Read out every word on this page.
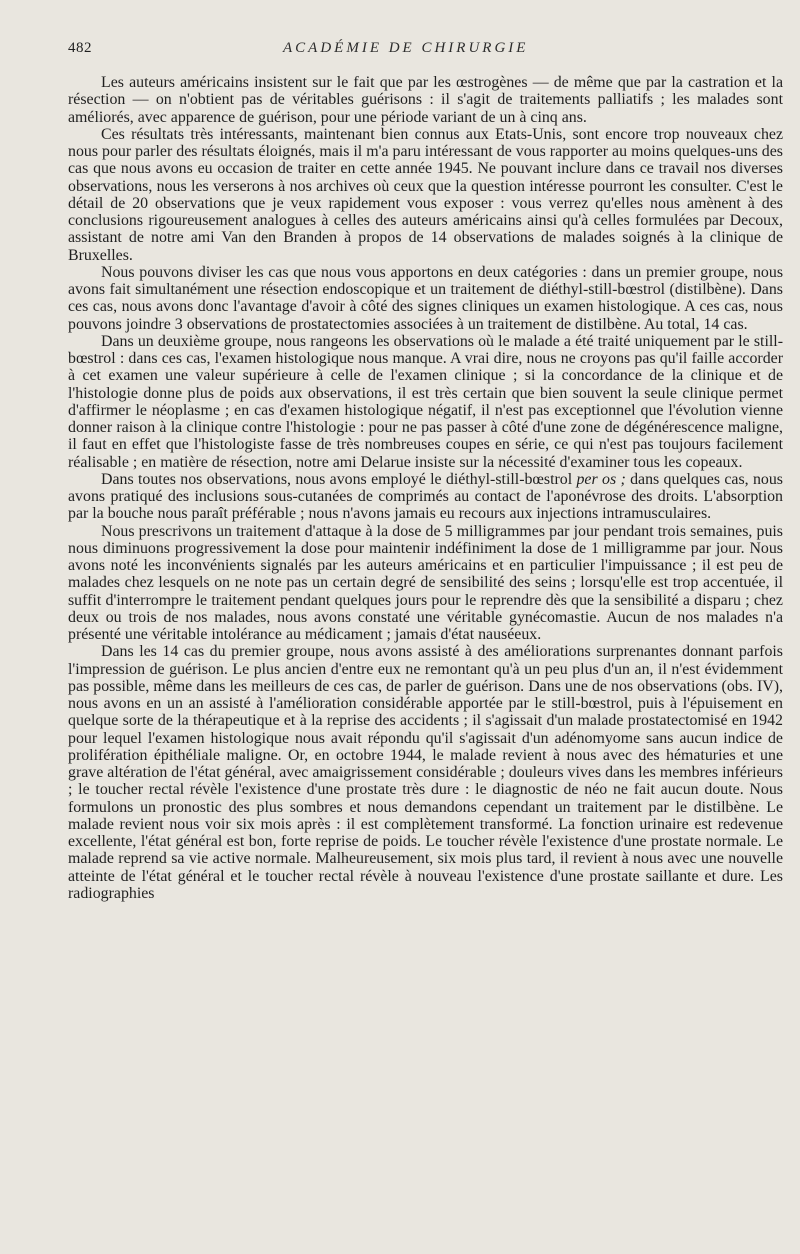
482	ACADÉMIE DE CHIRURGIE

Les auteurs américains insistent sur le fait que par les œstrogènes — de même que par la castration et la résection — on n'obtient pas de véritables guérisons : il s'agit de traitements palliatifs ; les malades sont améliorés, avec apparence de guérison, pour une période variant de un à cinq ans.

Ces résultats très intéressants, maintenant bien connus aux Etats-Unis, sont encore trop nouveaux chez nous pour parler des résultats éloignés, mais il m'a paru intéressant de vous rapporter au moins quelques-uns des cas que nous avons eu occasion de traiter en cette année 1945. Ne pouvant inclure dans ce travail nos diverses observations, nous les verserons à nos archives où ceux que la question intéresse pourront les consulter. C'est le détail de 20 observations que je veux rapidement vous exposer : vous verrez qu'elles nous amènent à des conclusions rigoureusement analogues à celles des auteurs américains ainsi qu'à celles formulées par Decoux, assistant de notre ami Van den Branden à propos de 14 observations de malades soignés à la clinique de Bruxelles.

Nous pouvons diviser les cas que nous vous apportons en deux catégories : dans un premier groupe, nous avons fait simultanément une résection endoscopique et un traitement de diéthyl-still-bœstrol (distilbène). Dans ces cas, nous avons donc l'avantage d'avoir à côté des signes cliniques un examen histologique. A ces cas, nous pouvons joindre 3 observations de prostatectomies associées à un traitement de distilbène. Au total, 14 cas.

Dans un deuxième groupe, nous rangeons les observations où le malade a été traité uniquement par le still-bœstrol : dans ces cas, l'examen histologique nous manque. A vrai dire, nous ne croyons pas qu'il faille accorder à cet examen une valeur supérieure à celle de l'examen clinique ; si la concordance de la clinique et de l'histologie donne plus de poids aux observations, il est très certain que bien souvent la seule clinique permet d'affirmer le néoplasme ; en cas d'examen histologique négatif, il n'est pas exceptionnel que l'évolution vienne donner raison à la clinique contre l'histologie : pour ne pas passer à côté d'une zone de dégénérescence maligne, il faut en effet que l'histologiste fasse de très nombreuses coupes en série, ce qui n'est pas toujours facilement réalisable ; en matière de résection, notre ami Delarue insiste sur la nécessité d'examiner tous les copeaux.

Dans toutes nos observations, nous avons employé le diéthyl-still-bœstrol per os ; dans quelques cas, nous avons pratiqué des inclusions sous-cutanées de comprimés au contact de l'aponévrose des droits. L'absorption par la bouche nous paraît préférable ; nous n'avons jamais eu recours aux injections intramusculaires.

Nous prescrivons un traitement d'attaque à la dose de 5 milligrammes par jour pendant trois semaines, puis nous diminuons progressivement la dose pour maintenir indéfiniment la dose de 1 milligramme par jour. Nous avons noté les inconvénients signalés par les auteurs américains et en particulier l'impuissance ; il est peu de malades chez lesquels on ne note pas un certain degré de sensibilité des seins ; lorsqu'elle est trop accentuée, il suffit d'interrompre le traitement pendant quelques jours pour le reprendre dès que la sensibilité a disparu ; chez deux ou trois de nos malades, nous avons constaté une véritable gynécomastie. Aucun de nos malades n'a présenté une véritable intolérance au médicament ; jamais d'état nauséeux.

Dans les 14 cas du premier groupe, nous avons assisté à des améliorations surprenantes donnant parfois l'impression de guérison. Le plus ancien d'entre eux ne remontant qu'à un peu plus d'un an, il n'est évidemment pas possible, même dans les meilleurs de ces cas, de parler de guérison. Dans une de nos observations (obs. IV), nous avons en un an assisté à l'amélioration considérable apportée par le still-bœstrol, puis à l'épuisement en quelque sorte de la thérapeutique et à la reprise des accidents ; il s'agissait d'un malade prostatectomisé en 1942 pour lequel l'examen histologique nous avait répondu qu'il s'agissait d'un adénomyome sans aucun indice de prolifération épithéliale maligne. Or, en octobre 1944, le malade revient à nous avec des hématuries et une grave altération de l'état général, avec amaigrissement considérable ; douleurs vives dans les membres inférieurs ; le toucher rectal révèle l'existence d'une prostate très dure : le diagnostic de néo ne fait aucun doute. Nous formulons un pronostic des plus sombres et nous demandons cependant un traitement par le distilbène. Le malade revient nous voir six mois après : il est complètement transformé. La fonction urinaire est redevenue excellente, l'état général est bon, forte reprise de poids. Le toucher révèle l'existence d'une prostate normale. Le malade reprend sa vie active normale. Malheureusement, six mois plus tard, il revient à nous avec une nouvelle atteinte de l'état général et le toucher rectal révèle à nouveau l'existence d'une prostate saillante et dure. Les radiographies
